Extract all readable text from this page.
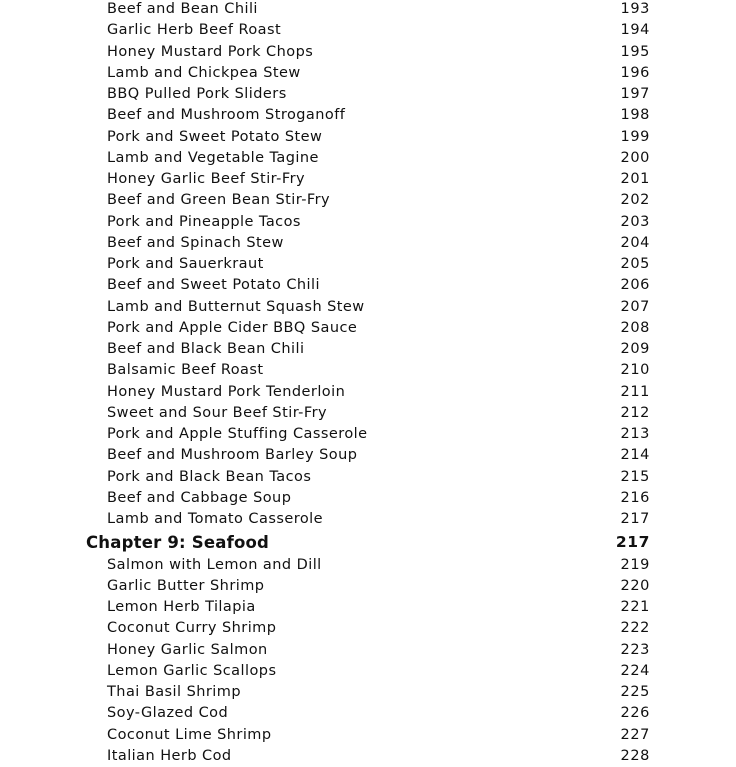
Beef and Bean Chili	193
Garlic Herb Beef Roast	194
Honey Mustard Pork Chops	195
Lamb and Chickpea Stew	196
BBQ Pulled Pork Sliders	197
Beef and Mushroom Stroganoff	198
Pork and Sweet Potato Stew	199
Lamb and Vegetable Tagine	200
Honey Garlic Beef Stir-Fry	201
Beef and Green Bean Stir-Fry	202
Pork and Pineapple Tacos	203
Beef and Spinach Stew	204
Pork and Sauerkraut	205
Beef and Sweet Potato Chili	206
Lamb and Butternut Squash Stew	207
Pork and Apple Cider BBQ Sauce	208
Beef and Black Bean Chili	209
Balsamic Beef Roast	210
Honey Mustard Pork Tenderloin	211
Sweet and Sour Beef Stir-Fry	212
Pork and Apple Stuffing Casserole	213
Beef and Mushroom Barley Soup	214
Pork and Black Bean Tacos	215
Beef and Cabbage Soup	216
Lamb and Tomato Casserole	217
Chapter 9: Seafood	217
Salmon with Lemon and Dill	219
Garlic Butter Shrimp	220
Lemon Herb Tilapia	221
Coconut Curry Shrimp	222
Honey Garlic Salmon	223
Lemon Garlic Scallops	224
Thai Basil Shrimp	225
Soy-Glazed Cod	226
Coconut Lime Shrimp	227
Italian Herb Cod	228
